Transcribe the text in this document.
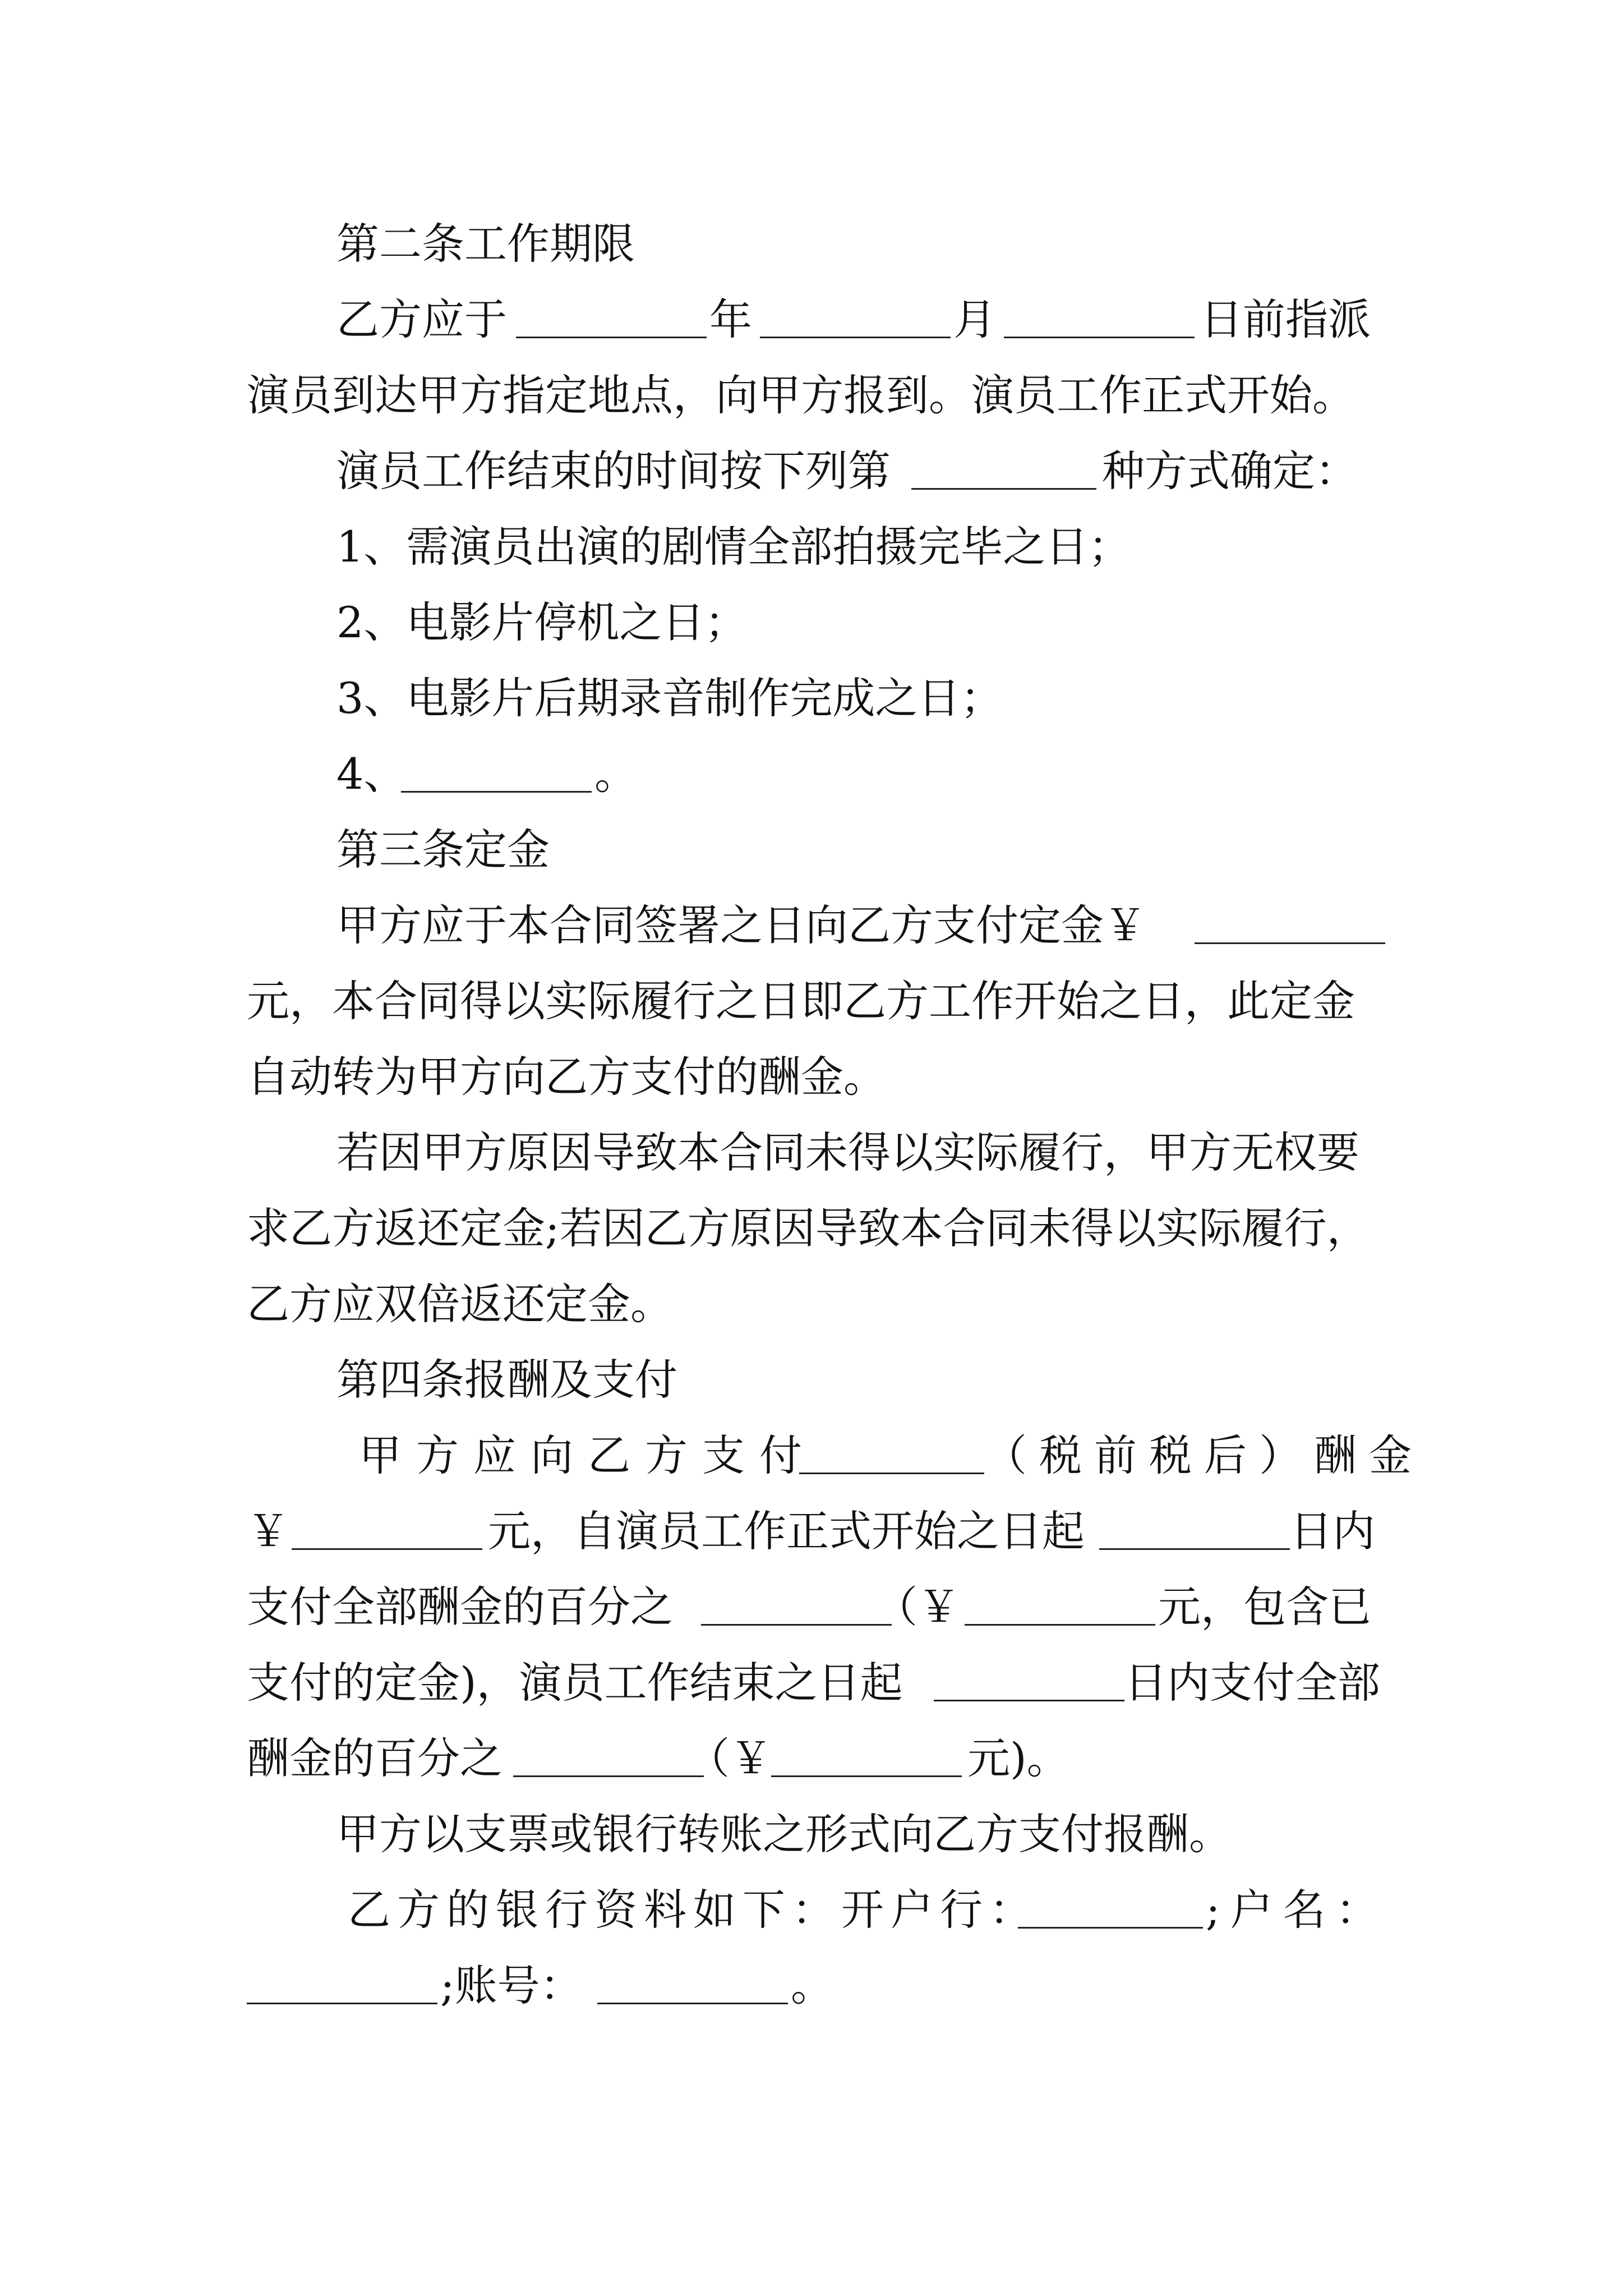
第二条工作期限
乙方应于	年	月	日前指派
演员到达甲方指定地点，向甲方报到。演员工作正式开始。
演员工作结束的时间按下列第	种方式确定：
1、需演员出演的剧情全部拍摄完毕之日；
2、电影片停机之日；
3、电影片后期录音制作完成之日；
4、	。
第三条定金
甲方应于本合同签署之日向乙方支付定金￥
元，本合同得以实际履行之日即乙方工作开始之日，此定金
自动转为甲方向乙方支付的酬金。
若因甲方原因导致本合同未得以实际履行，甲方无权要
求乙方返还定金;若因乙方原因导致本合同未得以实际履行，
乙方应双倍返还定金。
第四条报酬及支付
甲方应向乙方支付	（税前税后）酬金
￥	元，自演员工作正式开始之日起	日内
支付全部酬金的百分之	（￥	元，包含已
支付的定金)，演员工作结束之日起	日内支付全部
酬金的百分之	（￥	元)。
甲方以支票或银行转账之形式向乙方支付报酬。
乙方的银行资料如下：开户行：	;户名：
;账号：	。
